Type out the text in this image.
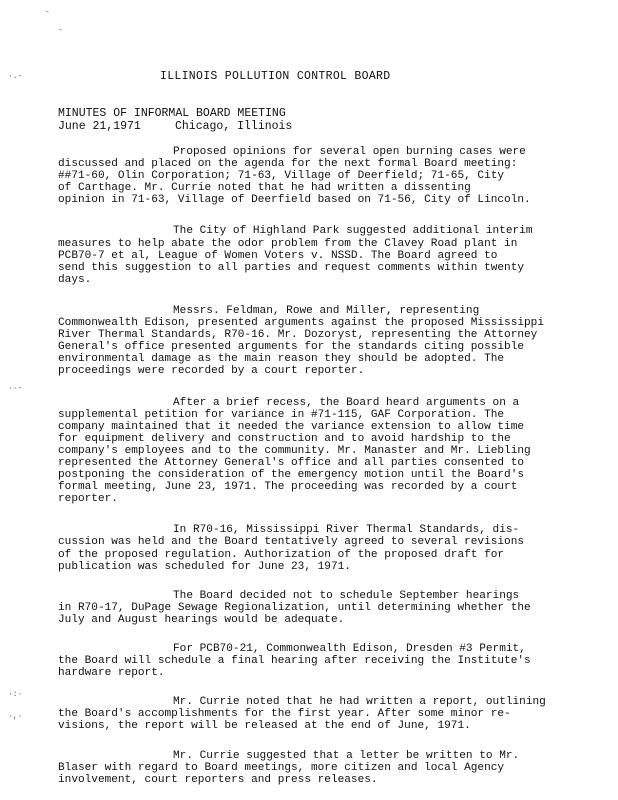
-
-
·.-
··-
·:·
·,·
ILLINOIS POLLUTION CONTROL BOARD
MINUTES OF INFORMAL BOARD MEETING
June 21,1971	Chicago, Illinois

Proposed opinions for several open burning cases were
discussed and placed on the agenda for the next formal Board meeting:
##71-60, Olin Corporation; 71-63, Village of Deerfield; 71-65, City
of Carthage. Mr. Currie noted that he had written a dissenting
opinion in 71-63, Village of Deerfield based on 71-56, City of Lincoln.

The City of Highland Park suggested additional interim
measures to help abate the odor problem from the Clavey Road plant in
PCB70-7 et al, League of Women Voters v. NSSD. The Board agreed to
send this suggestion to all parties and request comments within twenty
days.

Messrs. Feldman, Rowe and Miller, representing
Commonwealth Edison, presented arguments against the proposed Mississippi
River Thermal Standards, R70-16. Mr. Dozoryst, representing the Attorney
General's office presented arguments for the standards citing possible
environmental damage as the main reason they should be adopted. The
proceedings were recorded by a court reporter.

After a brief recess, the Board heard arguments on a
supplemental petition for variance in #71-115, GAF Corporation. The
company maintained that it needed the variance extension to allow time
for equipment delivery and construction and to avoid hardship to the
company's employees and to the community. Mr. Manaster and Mr. Liebling
represented the Attorney General's office and all parties consented to
postponing the consideration of the emergency motion until the Board's
formal meeting, June 23, 1971. The proceeding was recorded by a court
reporter.

In R70-16, Mississippi River Thermal Standards, dis-
cussion was held and the Board tentatively agreed to several revisions
of the proposed regulation. Authorization of the proposed draft for
publication was scheduled for June 23, 1971.

The Board decided not to schedule September hearings
in R70-17, DuPage Sewage Regionalization, until determining whether the
July and August hearings would be adequate.

For PCB70-21, Commonwealth Edison, Dresden #3 Permit,
the Board will schedule a final hearing after receiving the Institute's
hardware report.

Mr. Currie noted that he had written a report, outlining
the Board's accomplishments for the first year. After some minor re-
visions, the report will be released at the end of June, 1971.

Mr. Currie suggested that a letter be written to Mr.
Blaser with regard to Board meetings, more citizen and local Agency
involvement, court reporters and press releases.
